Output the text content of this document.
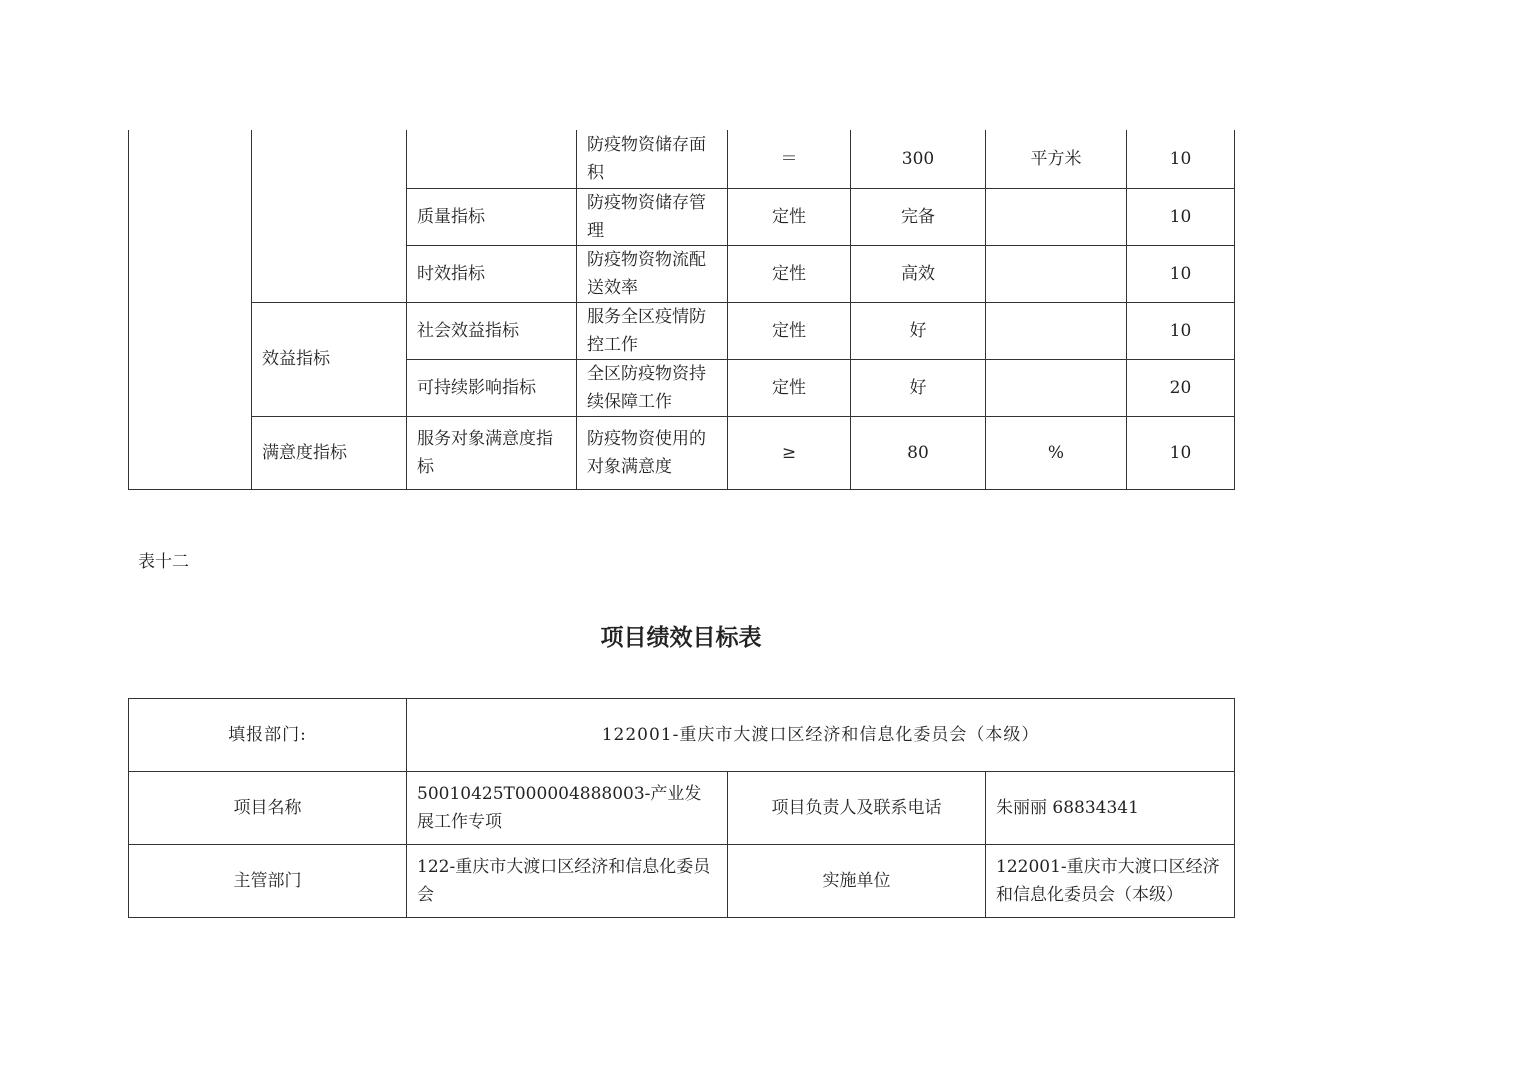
			防疫物资储存面积	＝	300	平方米	10
		质量指标	防疫物资储存管理	定性	完备		10
		时效指标	防疫物资物流配送效率	定性	高效		10
	效益指标	社会效益指标	服务全区疫情防控工作	定性	好		10
		可持续影响指标	全区防疫物资持续保障工作	定性	好		20
	满意度指标	服务对象满意度指标	防疫物资使用的对象满意度	≥	80	%	10
表十二
项目绩效目标表
填报部门:	122001-重庆市大渡口区经济和信息化委员会（本级）		
项目名称	50010425T000004888003-产业发展工作专项	项目负责人及联系电话	朱丽丽 68834341
主管部门	122-重庆市大渡口区经济和信息化委员会	实施单位	122001-重庆市大渡口区经济和信息化委员会（本级）
